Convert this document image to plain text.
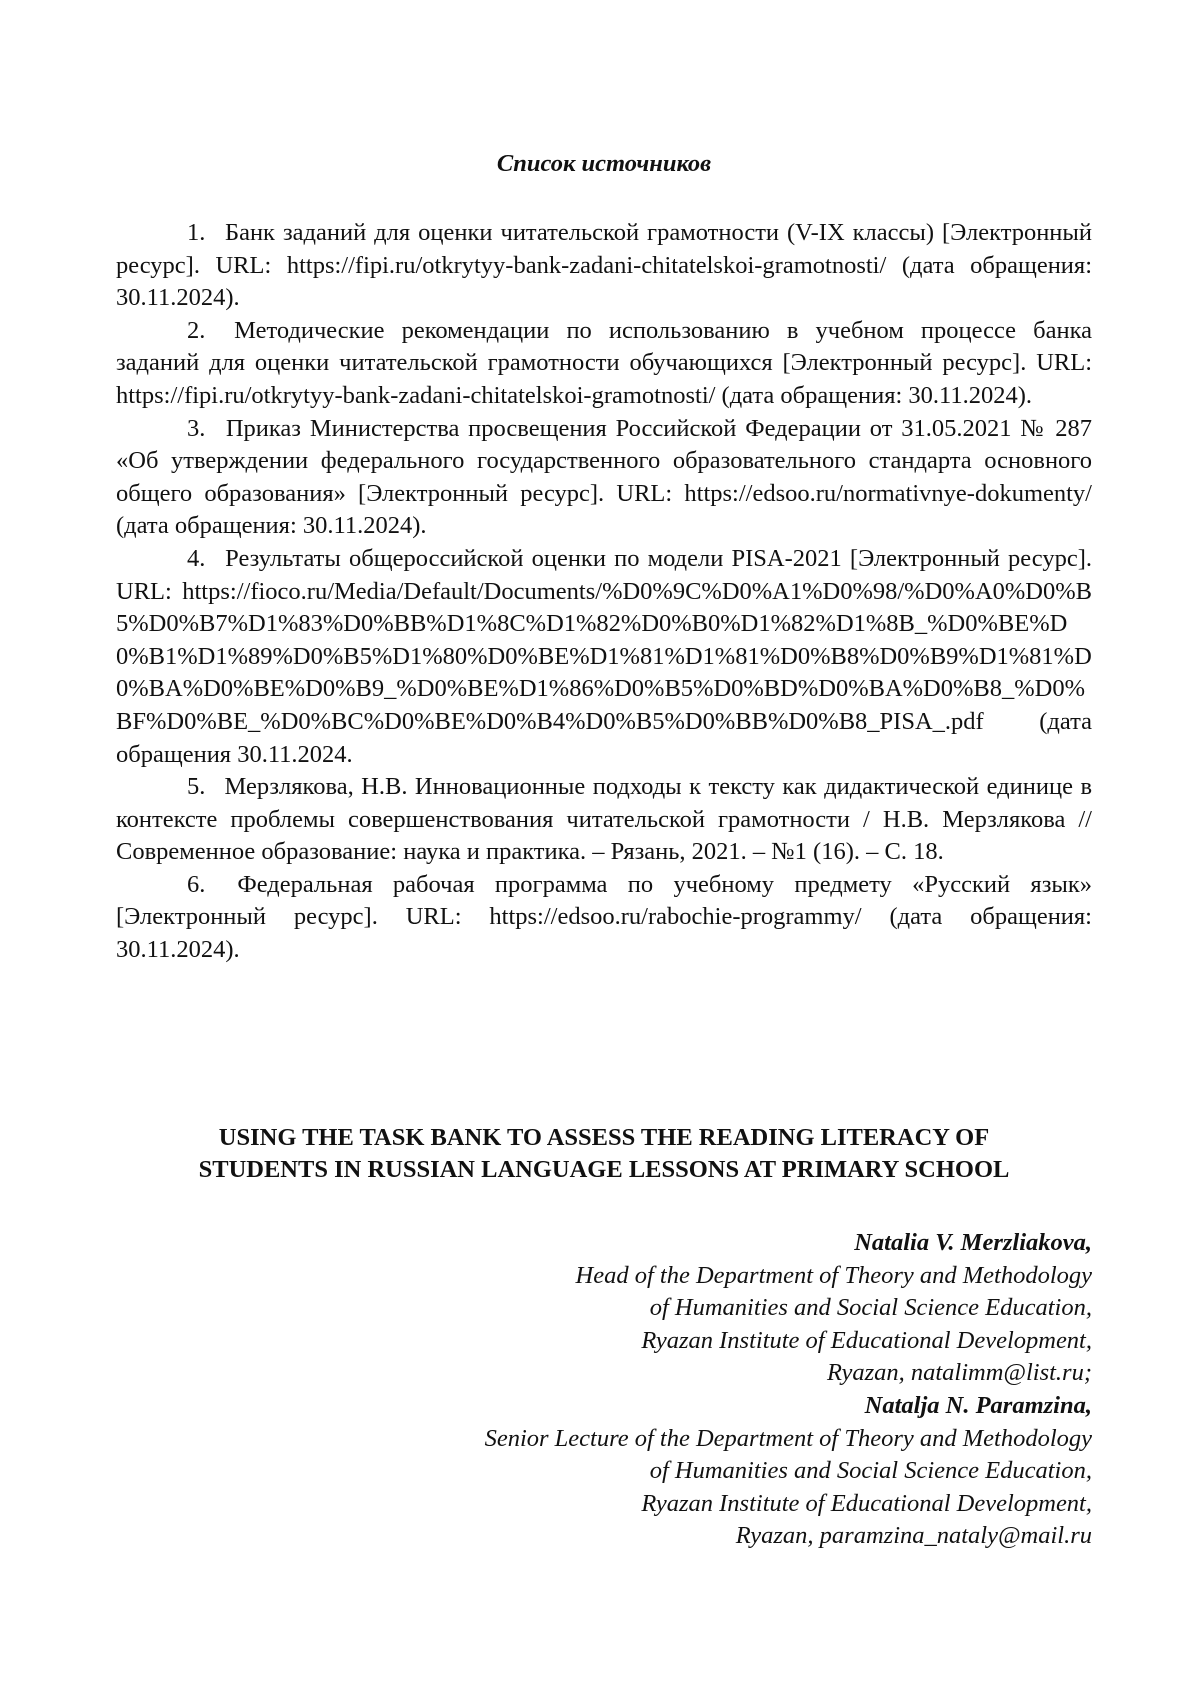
Список источников
1. Банк заданий для оценки читательской грамотности (V-IX классы) [Электронный ресурс]. URL: https://fipi.ru/otkrytyy-bank-zadani-chitatelskoi-gramotnosti/ (дата обращения: 30.11.2024).
2. Методические рекомендации по использованию в учебном процессе банка заданий для оценки читательской грамотности обучающихся [Электронный ресурс]. URL: https://fipi.ru/otkrytyy-bank-zadani-chitatelskoi-gramotnosti/ (дата обращения: 30.11.2024).
3. Приказ Министерства просвещения Российской Федерации от 31.05.2021 № 287 «Об утверждении федерального государственного образовательного стандарта основного общего образования» [Электронный ресурс]. URL: https://edsoo.ru/normativnye-dokumenty/ (дата обращения: 30.11.2024).
4. Результаты общероссийской оценки по модели PISA-2021 [Электронный ресурс]. URL: https://fioco.ru/Media/Default/Documents/%D0%9C%D0%A1%D0%98/%D0%A0%D0%B5%D0%B7%D1%83%D0%BB%D1%8C%D1%82%D0%B0%D1%82%D1%8B_%D0%BE%D0%B1%D1%89%D0%B5%D1%80%D0%BE%D1%81%D1%81%D0%B8%D0%B9%D1%81%D0%BA%D0%BE%D0%B9_%D0%BE%D1%86%D0%B5%D0%BD%D0%BA%D0%B8_%D0%BF%D0%BE_%D0%BC%D0%BE%D0%B4%D0%B5%D0%BB%D0%B8_PISA_.pdf (дата обращения 30.11.2024.
5. Мерзлякова, Н.В. Инновационные подходы к тексту как дидактической единице в контексте проблемы совершенствования читательской грамотности / Н.В. Мерзлякова // Современное образование: наука и практика. – Рязань, 2021. – №1 (16). – С. 18.
6. Федеральная рабочая программа по учебному предмету «Русский язык» [Электронный ресурс]. URL: https://edsoo.ru/rabochie-programmy/ (дата обращения: 30.11.2024).
USING THE TASK BANK TO ASSESS THE READING LITERACY OF
STUDENTS IN RUSSIAN LANGUAGE LESSONS AT PRIMARY SCHOOL
Natalia V. Merzliakova,
Head of the Department of Theory and Methodology
of Humanities and Social Science Education,
Ryazan Institute of Educational Development,
Ryazan, natalimm@list.ru;
Natalja N. Paramzina,
Senior Lecture of the Department of Theory and Methodology
of Humanities and Social Science Education,
Ryazan Institute of Educational Development,
Ryazan, paramzina_nataly@mail.ru
